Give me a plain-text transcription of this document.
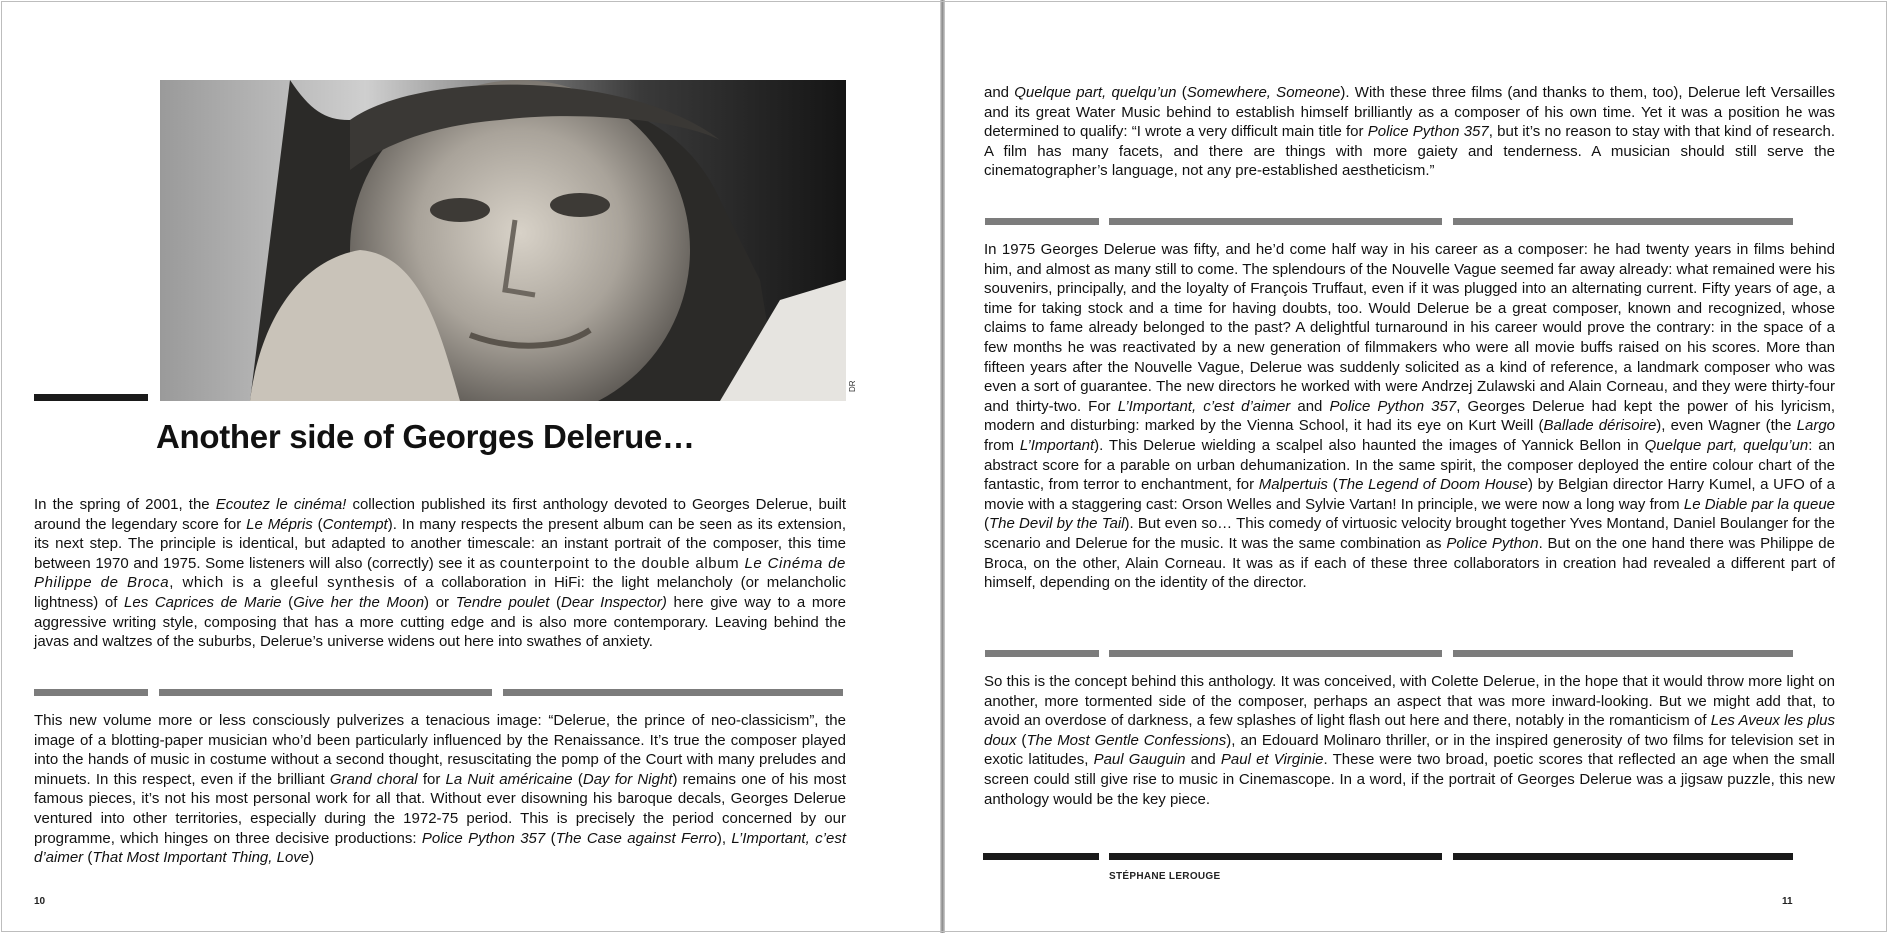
DR
Another side of Georges Delerue…

In the spring of 2001, the Ecoutez le cinéma! collection published its first anthology devoted to Georges Delerue, built around the legendary score for Le Mépris (Contempt). In many respects the present album can be seen as its extension, its next step. The principle is identical, but adapted to another timescale: an instant portrait of the composer, this time between 1970 and 1975. Some listeners will also (correctly) see it as counterpoint to the double album Le Cinéma de Philippe de Broca, which is a gleeful synthesis of a collaboration in HiFi: the light melancholy (or melancholic lightness) of Les Caprices de Marie (Give her the Moon) or Tendre poulet (Dear Inspector) here give way to a more aggressive writing style, composing that has a more cutting edge and is also more contemporary. Leaving behind the javas and waltzes of the suburbs, Delerue’s universe widens out here into swathes of anxiety.

This new volume more or less consciously pulverizes a tenacious image: “Delerue, the prince of neo-classicism”, the image of a blotting-paper musician who’d been particularly influenced by the Renaissance. It’s true the composer played into the hands of music in costume without a second thought, resuscitating the pomp of the Court with many preludes and minuets. In this respect, even if the brilliant Grand choral for La Nuit américaine (Day for Night) remains one of his most famous pieces, it’s not his most personal work for all that. Without ever disowning his baroque decals, Georges Delerue ventured into other territories, especially during the 1972-75 period. This is precisely the period concerned by our programme, which hinges on three decisive productions: Police Python 357 (The Case against Ferro), L’Important, c’est d’aimer (That Most Important Thing, Love)

10

and Quelque part, quelqu’un (Somewhere, Someone). With these three films (and thanks to them, too), Delerue left Versailles and its great Water Music behind to establish himself brilliantly as a composer of his own time. Yet it was a position he was determined to qualify: “I wrote a very difficult main title for Police Python 357, but it’s no reason to stay with that kind of research. A film has many facets, and there are things with more gaiety and tenderness. A musician should still serve the cinematographer’s language, not any pre-established aestheticism.”

In 1975 Georges Delerue was fifty, and he’d come half way in his career as a composer: he had twenty years in films behind him, and almost as many still to come. The splendours of the Nouvelle Vague seemed far away already: what remained were his souvenirs, principally, and the loyalty of François Truffaut, even if it was plugged into an alternating current. Fifty years of age, a time for taking stock and a time for having doubts, too. Would Delerue be a great composer, known and recognized, whose claims to fame already belonged to the past? A delightful turnaround in his career would prove the contrary: in the space of a few months he was reactivated by a new generation of filmmakers who were all movie buffs raised on his scores. More than fifteen years after the Nouvelle Vague, Delerue was suddenly solicited as a kind of reference, a landmark composer who was even a sort of guarantee. The new directors he worked with were Andrzej Zulawski and Alain Corneau, and they were thirty-four and thirty-two. For L’Important, c’est d’aimer and Police Python 357, Georges Delerue had kept the power of his lyricism, modern and disturbing: marked by the Vienna School, it had its eye on Kurt Weill (Ballade dérisoire), even Wagner (the Largo from L’Important). This Delerue wielding a scalpel also haunted the images of Yannick Bellon in Quelque part, quelqu’un: an abstract score for a parable on urban dehumanization. In the same spirit, the composer deployed the entire colour chart of the fantastic, from terror to enchantment, for Malpertuis (The Legend of Doom House) by Belgian director Harry Kumel, a UFO of a movie with a staggering cast: Orson Welles and Sylvie Vartan! In principle, we were now a long way from Le Diable par la queue (The Devil by the Tail). But even so… This comedy of virtuosic velocity brought together Yves Montand, Daniel Boulanger for the scenario and Delerue for the music. It was the same combination as Police Python. But on the one hand there was Philippe de Broca, on the other, Alain Corneau. It was as if each of these three collaborators in creation had revealed a different part of himself, depending on the identity of the director.

So this is the concept behind this anthology. It was conceived, with Colette Delerue, in the hope that it would throw more light on another, more tormented side of the composer, perhaps an aspect that was more inward-looking. But we might add that, to avoid an overdose of darkness, a few splashes of light flash out here and there, notably in the romanticism of Les Aveux les plus doux (The Most Gentle Confessions), an Edouard Molinaro thriller, or in the inspired generosity of two films for television set in exotic latitudes, Paul Gauguin and Paul et Virginie. These were two broad, poetic scores that reflected an age when the small screen could still give rise to music in Cinemascope. In a word, if the portrait of Georges Delerue was a jigsaw puzzle, this new anthology would be the key piece.

11
STÉPHANE LEROUGE
